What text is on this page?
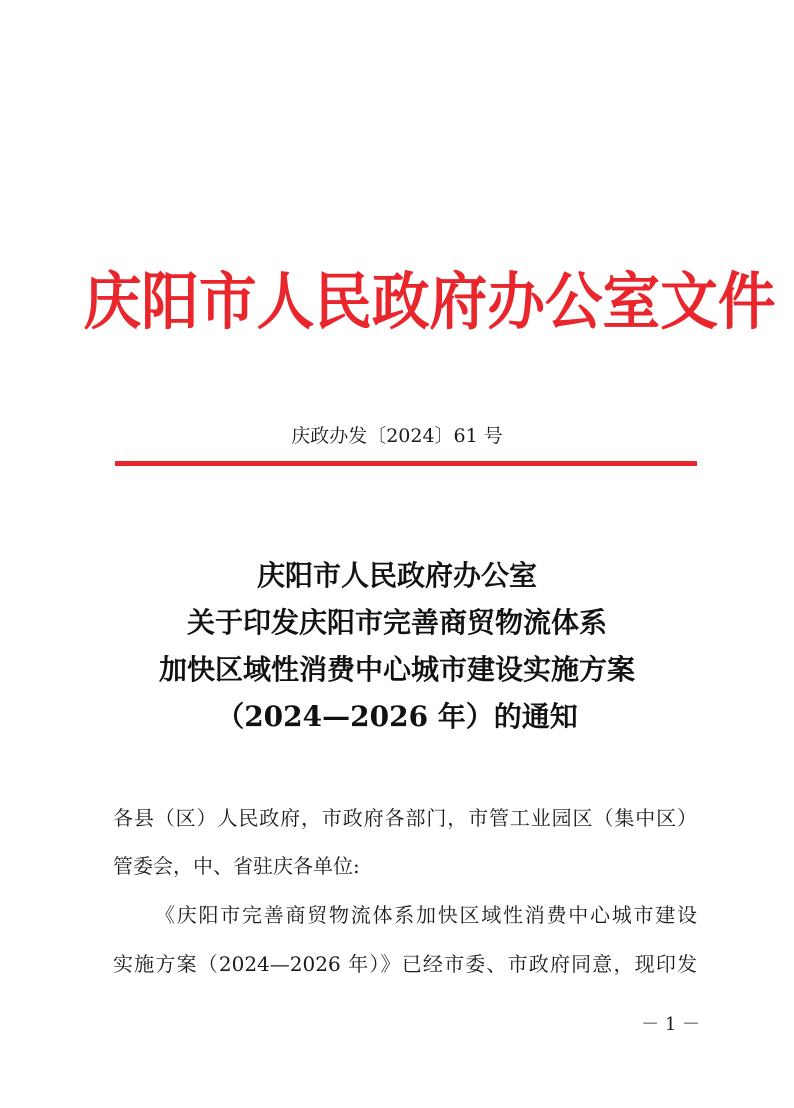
庆阳市人民政府办公室文件
庆政办发〔2024〕61 号
庆阳市人民政府办公室
关于印发庆阳市完善商贸物流体系
加快区域性消费中心城市建设实施方案
（2024—2026 年）的通知
各县（区）人民政府，市政府各部门，市管工业园区（集中区）
管委会，中、省驻庆各单位:
《庆阳市完善商贸物流体系加快区域性消费中心城市建设
实施方案（2024—2026 年）》已经市委、市政府同意，现印发
－ 1 －
